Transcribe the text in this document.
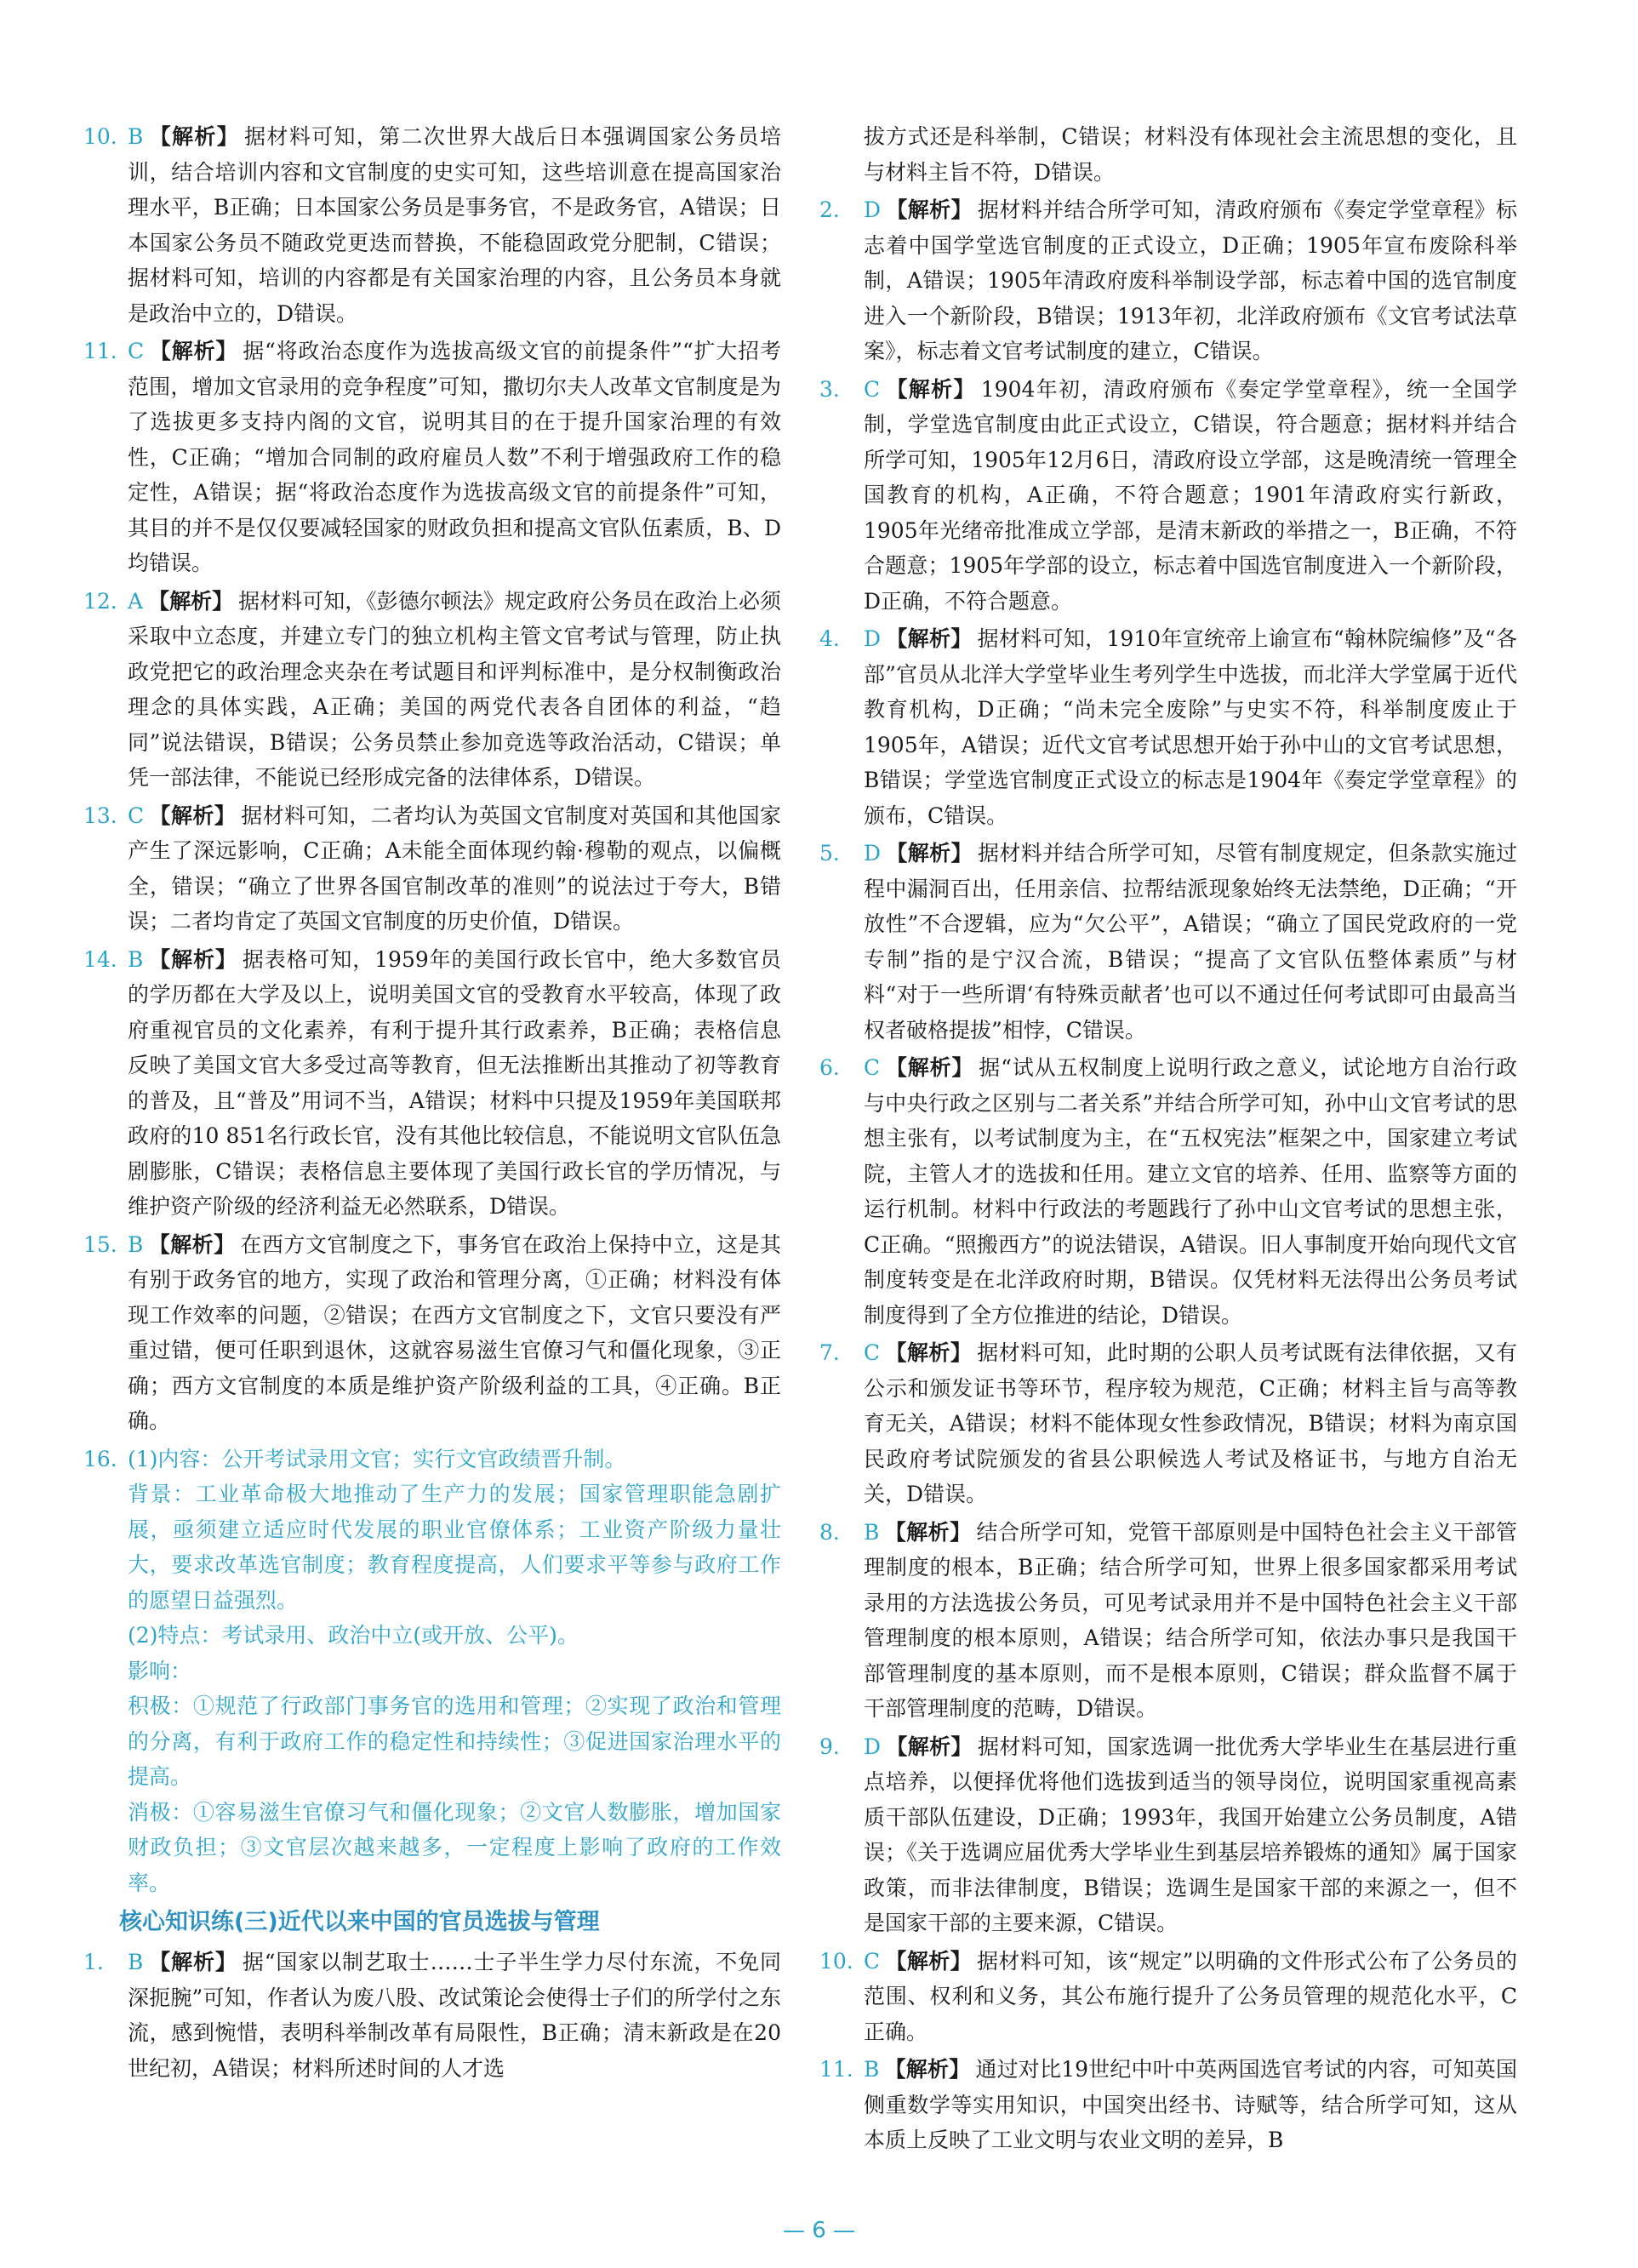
10. B 【解析】 据材料可知，第二次世界大战后日本强调国家公务员培训，结合培训内容和文官制度的史实可知，这些培训意在提高国家治理水平，B正确；日本国家公务员是事务官，不是政务官，A错误；日本国家公务员不随政党更迭而替换，不能稳固政党分肥制，C错误；据材料可知，培训的内容都是有关国家治理的内容，且公务员本身就是政治中立的，D错误。
11. C 【解析】 据“将政治态度作为选拔高级文官的前提条件”“扩大招考范围，增加文官录用的竞争程度”可知，撒切尔夫人改革文官制度是为了选拔更多支持内阁的文官，说明其目的在于提升国家治理的有效性，C正确；“增加合同制的政府雇员人数”不利于增强政府工作的稳定性，A错误；据“将政治态度作为选拔高级文官的前提条件”可知，其目的并不是仅仅要减轻国家的财政负担和提高文官队伍素质，B、D均错误。
12. A 【解析】 据材料可知，《彭德尔顿法》规定政府公务员在政治上必须采取中立态度，并建立专门的独立机构主管文官考试与管理，防止执政党把它的政治理念夹杂在考试题目和评判标准中，是分权制衡政治理念的具体实践，A正确；美国的两党代表各自团体的利益，“趋同”说法错误，B错误；公务员禁止参加竞选等政治活动，C错误；单凭一部法律，不能说已经形成完备的法律体系，D错误。
13. C 【解析】 据材料可知，二者均认为英国文官制度对英国和其他国家产生了深远影响，C正确；A未能全面体现约翰·穆勒的观点，以偏概全，错误；“确立了世界各国官制改革的准则”的说法过于夸大，B错误；二者均肯定了英国文官制度的历史价值，D错误。
14. B 【解析】 据表格可知，1959年的美国行政长官中，绝大多数官员的学历都在大学及以上，说明美国文官的受教育水平较高，体现了政府重视官员的文化素养，有利于提升其行政素养，B正确；表格信息反映了美国文官大多受过高等教育，但无法推断出其推动了初等教育的普及，且“普及”用词不当，A错误；材料中只提及1959年美国联邦政府的10 851名行政长官，没有其他比较信息，不能说明文官队伍急剧膨胀，C错误；表格信息主要体现了美国行政长官的学历情况，与维护资产阶级的经济利益无必然联系，D错误。
15. B 【解析】 在西方文官制度之下，事务官在政治上保持中立，这是其有别于政务官的地方，实现了政治和管理分离，①正确；材料没有体现工作效率的问题，②错误；在西方文官制度之下，文官只要没有严重过错，便可任职到退休，这就容易滋生官僚习气和僵化现象，③正确；西方文官制度的本质是维护资产阶级利益的工具，④正确。B正确。
16. (1)内容：公开考试录用文官；实行文官政绩晋升制。
背景：工业革命极大地推动了生产力的发展；国家管理职能急剧扩展，亟须建立适应时代发展的职业官僚体系；工业资产阶级力量壮大，要求改革选官制度；教育程度提高，人们要求平等参与政府工作的愿望日益强烈。
(2)特点：考试录用、政治中立(或开放、公平)。
影响：
积极：①规范了行政部门事务官的选用和管理；②实现了政治和管理的分离，有利于政府工作的稳定性和持续性；③促进国家治理水平的提高。
消极：①容易滋生官僚习气和僵化现象；②文官人数膨胀，增加国家财政负担；③文官层次越来越多，一定程度上影响了政府的工作效率。
核心知识练(三)近代以来中国的官员选拔与管理
1. B 【解析】 据“国家以制艺取士……士子半生学力尽付东流，不免同深扼腕”可知，作者认为废八股、改试策论会使得士子们的所学付之东流，感到惋惜，表明科举制改革有局限性，B正确；清末新政是在20世纪初，A错误；材料所述时间的人才选
拔方式还是科举制，C错误；材料没有体现社会主流思想的变化，且与材料主旨不符，D错误。
2. D 【解析】 据材料并结合所学可知，清政府颁布《奏定学堂章程》标志着中国学堂选官制度的正式设立，D正确；1905年宣布废除科举制，A错误；1905年清政府废科举制设学部，标志着中国的选官制度进入一个新阶段，B错误；1913年初，北洋政府颁布《文官考试法草案》，标志着文官考试制度的建立，C错误。
3. C 【解析】 1904年初，清政府颁布《奏定学堂章程》，统一全国学制，学堂选官制度由此正式设立，C错误，符合题意；据材料并结合所学可知，1905年12月6日，清政府设立学部，这是晚清统一管理全国教育的机构，A正确，不符合题意；1901年清政府实行新政，1905年光绪帝批准成立学部，是清末新政的举措之一，B正确，不符合题意；1905年学部的设立，标志着中国选官制度进入一个新阶段，D正确，不符合题意。
4. D 【解析】 据材料可知，1910年宣统帝上谕宣布“翰林院编修”及“各部”官员从北洋大学堂毕业生考列学生中选拔，而北洋大学堂属于近代教育机构，D正确；“尚未完全废除”与史实不符，科举制度废止于1905年，A错误；近代文官考试思想开始于孙中山的文官考试思想，B错误；学堂选官制度正式设立的标志是1904年《奏定学堂章程》的颁布，C错误。
5. D 【解析】 据材料并结合所学可知，尽管有制度规定，但条款实施过程中漏洞百出，任用亲信、拉帮结派现象始终无法禁绝，D正确；“开放性”不合逻辑，应为“欠公平”，A错误；“确立了国民党政府的一党专制”指的是宁汉合流，B错误；“提高了文官队伍整体素质”与材料“对于一些所谓‘有特殊贡献者’也可以不通过任何考试即可由最高当权者破格提拔”相悖，C错误。
6. C 【解析】 据“试从五权制度上说明行政之意义，试论地方自治行政与中央行政之区别与二者关系”并结合所学可知，孙中山文官考试的思想主张有，以考试制度为主，在“五权宪法”框架之中，国家建立考试院，主管人才的选拔和任用。建立文官的培养、任用、监察等方面的运行机制。材料中行政法的考题践行了孙中山文官考试的思想主张，C正确。“照搬西方”的说法错误，A错误。旧人事制度开始向现代文官制度转变是在北洋政府时期，B错误。仅凭材料无法得出公务员考试制度得到了全方位推进的结论，D错误。
7. C 【解析】 据材料可知，此时期的公职人员考试既有法律依据，又有公示和颁发证书等环节，程序较为规范，C正确；材料主旨与高等教育无关，A错误；材料不能体现女性参政情况，B错误；材料为南京国民政府考试院颁发的省县公职候选人考试及格证书，与地方自治无关，D错误。
8. B 【解析】 结合所学可知，党管干部原则是中国特色社会主义干部管理制度的根本，B正确；结合所学可知，世界上很多国家都采用考试录用的方法选拔公务员，可见考试录用并不是中国特色社会主义干部管理制度的根本原则，A错误；结合所学可知，依法办事只是我国干部管理制度的基本原则，而不是根本原则，C错误；群众监督不属于干部管理制度的范畴，D错误。
9. D 【解析】 据材料可知，国家选调一批优秀大学毕业生在基层进行重点培养，以便择优将他们选拔到适当的领导岗位，说明国家重视高素质干部队伍建设，D正确；1993年，我国开始建立公务员制度，A错误；《关于选调应届优秀大学毕业生到基层培养锻炼的通知》属于国家政策，而非法律制度，B错误；选调生是国家干部的来源之一，但不是国家干部的主要来源，C错误。
10. C 【解析】 据材料可知，该“规定”以明确的文件形式公布了公务员的范围、权利和义务，其公布施行提升了公务员管理的规范化水平，C正确。
11. B 【解析】 通过对比19世纪中叶中英两国选官考试的内容，可知英国侧重数学等实用知识，中国突出经书、诗赋等，结合所学可知，这从本质上反映了工业文明与农业文明的差异，B
— 6 —
